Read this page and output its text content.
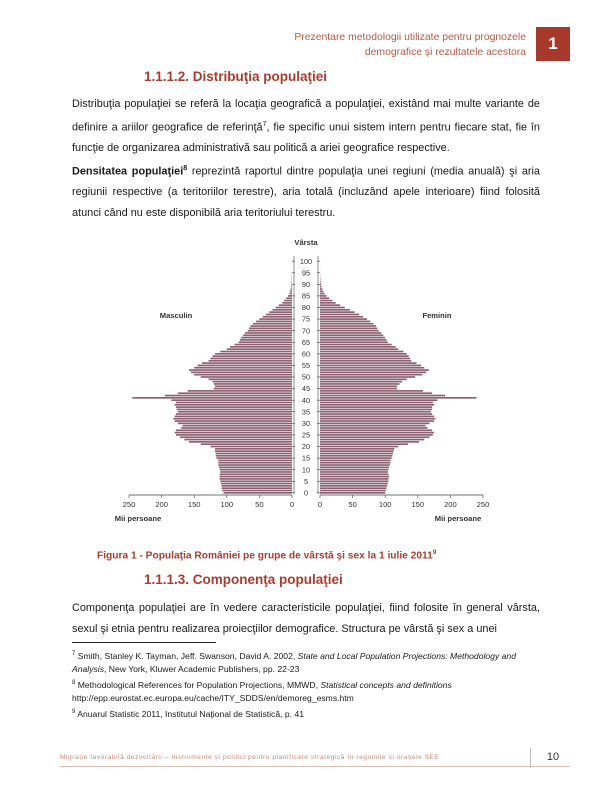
Prezentare metodologii utilizate pentru prognozele
demografice și rezultatele acestora	1
1.1.1.2. Distribuţia populaţiei
Distribuţia populaţiei se referă la locaţia geografică a populaţiei, existând mai multe variante de definire a ariilor geografice de referinţă$^7$, fie specific unui sistem intern pentru fiecare stat, fie în funcţie de organizarea administrativă sau politică a ariei geografice respective.
Densitatea populaţiei$^8$ reprezintă raportul dintre populaţia unei regiuni (media anuală) şi aria regiunii respective (a teritoriilor terestre), aria totală (incluzând apele interioare) fiind folosită atunci când nu este disponibilă aria teritoriului terestru.
0
5
10
15
20
25
30
35
40
45
50
55
60
65
70
75
80
85
90
95
100
250	200	150	100	50	0	0	50	100	150	200	250
Vârsta
Masculin	Feminin
Mii persoane	Mii persoane
Figura 1 - Populaţia României pe grupe de vârstă şi sex la 1 iulie 2011$^9$
1.1.1.3. Componenţa populaţiei
Componenţa populaţiei are în vedere caracteristicile populaţiei, fiind folosite în general vârsta, sexul şi etnia pentru realizarea proiecţiilor demografice. Structura pe vârstă şi sex a unei
$^7$ Smith, Stanley K. Tayman, Jeff. Swanson, David A. 2002, State and Local Population Projections: Methodology and Analysis, New York, Kluwer Academic Publishers, pp. 22-23
$^8$ Methodological References for Population Projections, MMWD, Statistical concepts and definitions http://epp.eurostat.ec.europa.eu/cache/ITY_SDDS/en/demoreg_esms.htm
$^9$ Anuarul Statistic 2011, Institutul Naţional de Statistică, p. 41
Migrație favorabilă dezvoltării – Instrumente și politici pentru planificare strategică în regiunile și orașele SEE	10
